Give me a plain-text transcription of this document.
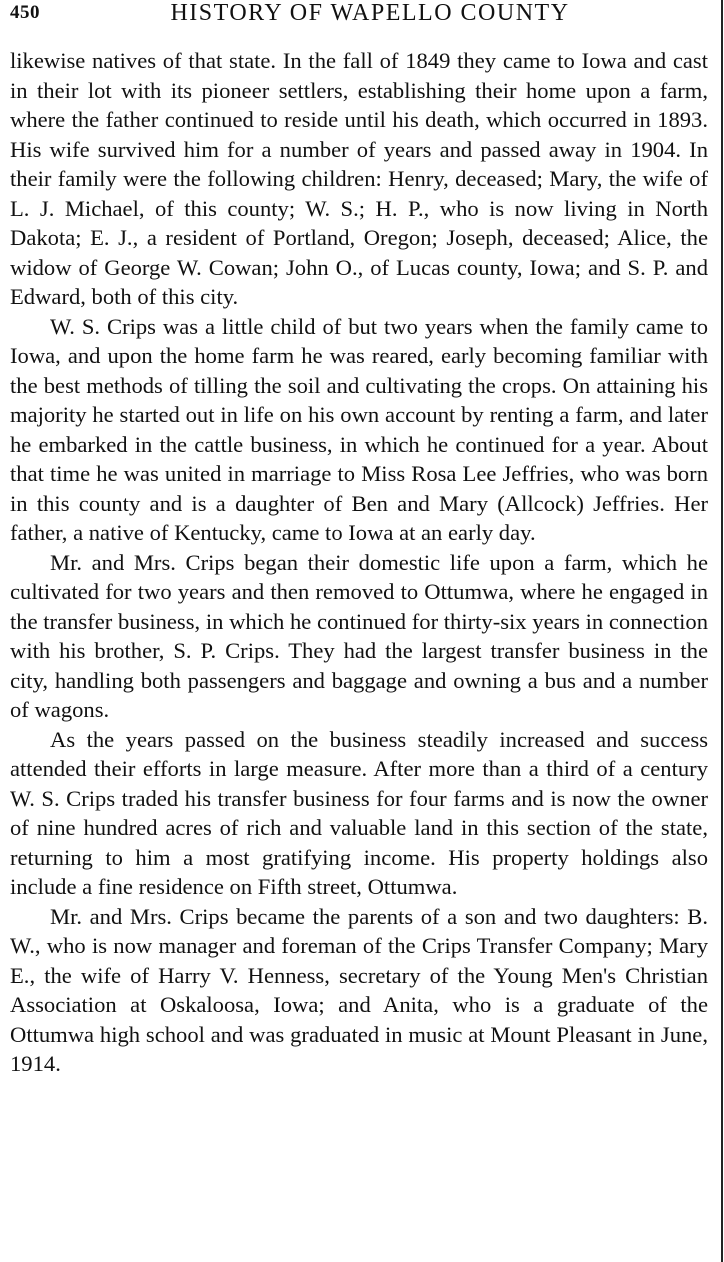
450	HISTORY OF WAPELLO COUNTY

likewise natives of that state. In the fall of 1849 they came to Iowa and cast in their lot with its pioneer settlers, establishing their home upon a farm, where the father continued to reside until his death, which occurred in 1893. His wife survived him for a number of years and passed away in 1904. In their family were the following children: Henry, deceased; Mary, the wife of L. J. Michael, of this county; W. S.; H. P., who is now living in North Dakota; E. J., a resident of Portland, Oregon; Joseph, deceased; Alice, the widow of George W. Cowan; John O., of Lucas county, Iowa; and S. P. and Edward, both of this city.

W. S. Crips was a little child of but two years when the family came to Iowa, and upon the home farm he was reared, early becoming familiar with the best methods of tilling the soil and cultivating the crops. On attaining his majority he started out in life on his own account by renting a farm, and later he embarked in the cattle business, in which he continued for a year. About that time he was united in marriage to Miss Rosa Lee Jeffries, who was born in this county and is a daughter of Ben and Mary (Allcock) Jeffries. Her father, a native of Kentucky, came to Iowa at an early day.

Mr. and Mrs. Crips began their domestic life upon a farm, which he cultivated for two years and then removed to Ottumwa, where he engaged in the transfer business, in which he continued for thirty-six years in connection with his brother, S. P. Crips. They had the largest transfer business in the city, handling both passengers and baggage and owning a bus and a number of wagons.

As the years passed on the business steadily increased and success attended their efforts in large measure. After more than a third of a century W. S. Crips traded his transfer business for four farms and is now the owner of nine hundred acres of rich and valuable land in this section of the state, returning to him a most gratifying income. His property holdings also include a fine residence on Fifth street, Ottumwa.

Mr. and Mrs. Crips became the parents of a son and two daughters: B. W., who is now manager and foreman of the Crips Transfer Company; Mary E., the wife of Harry V. Henness, secretary of the Young Men's Christian Association at Oskaloosa, Iowa; and Anita, who is a graduate of the Ottumwa high school and was graduated in music at Mount Pleasant in June, 1914.
